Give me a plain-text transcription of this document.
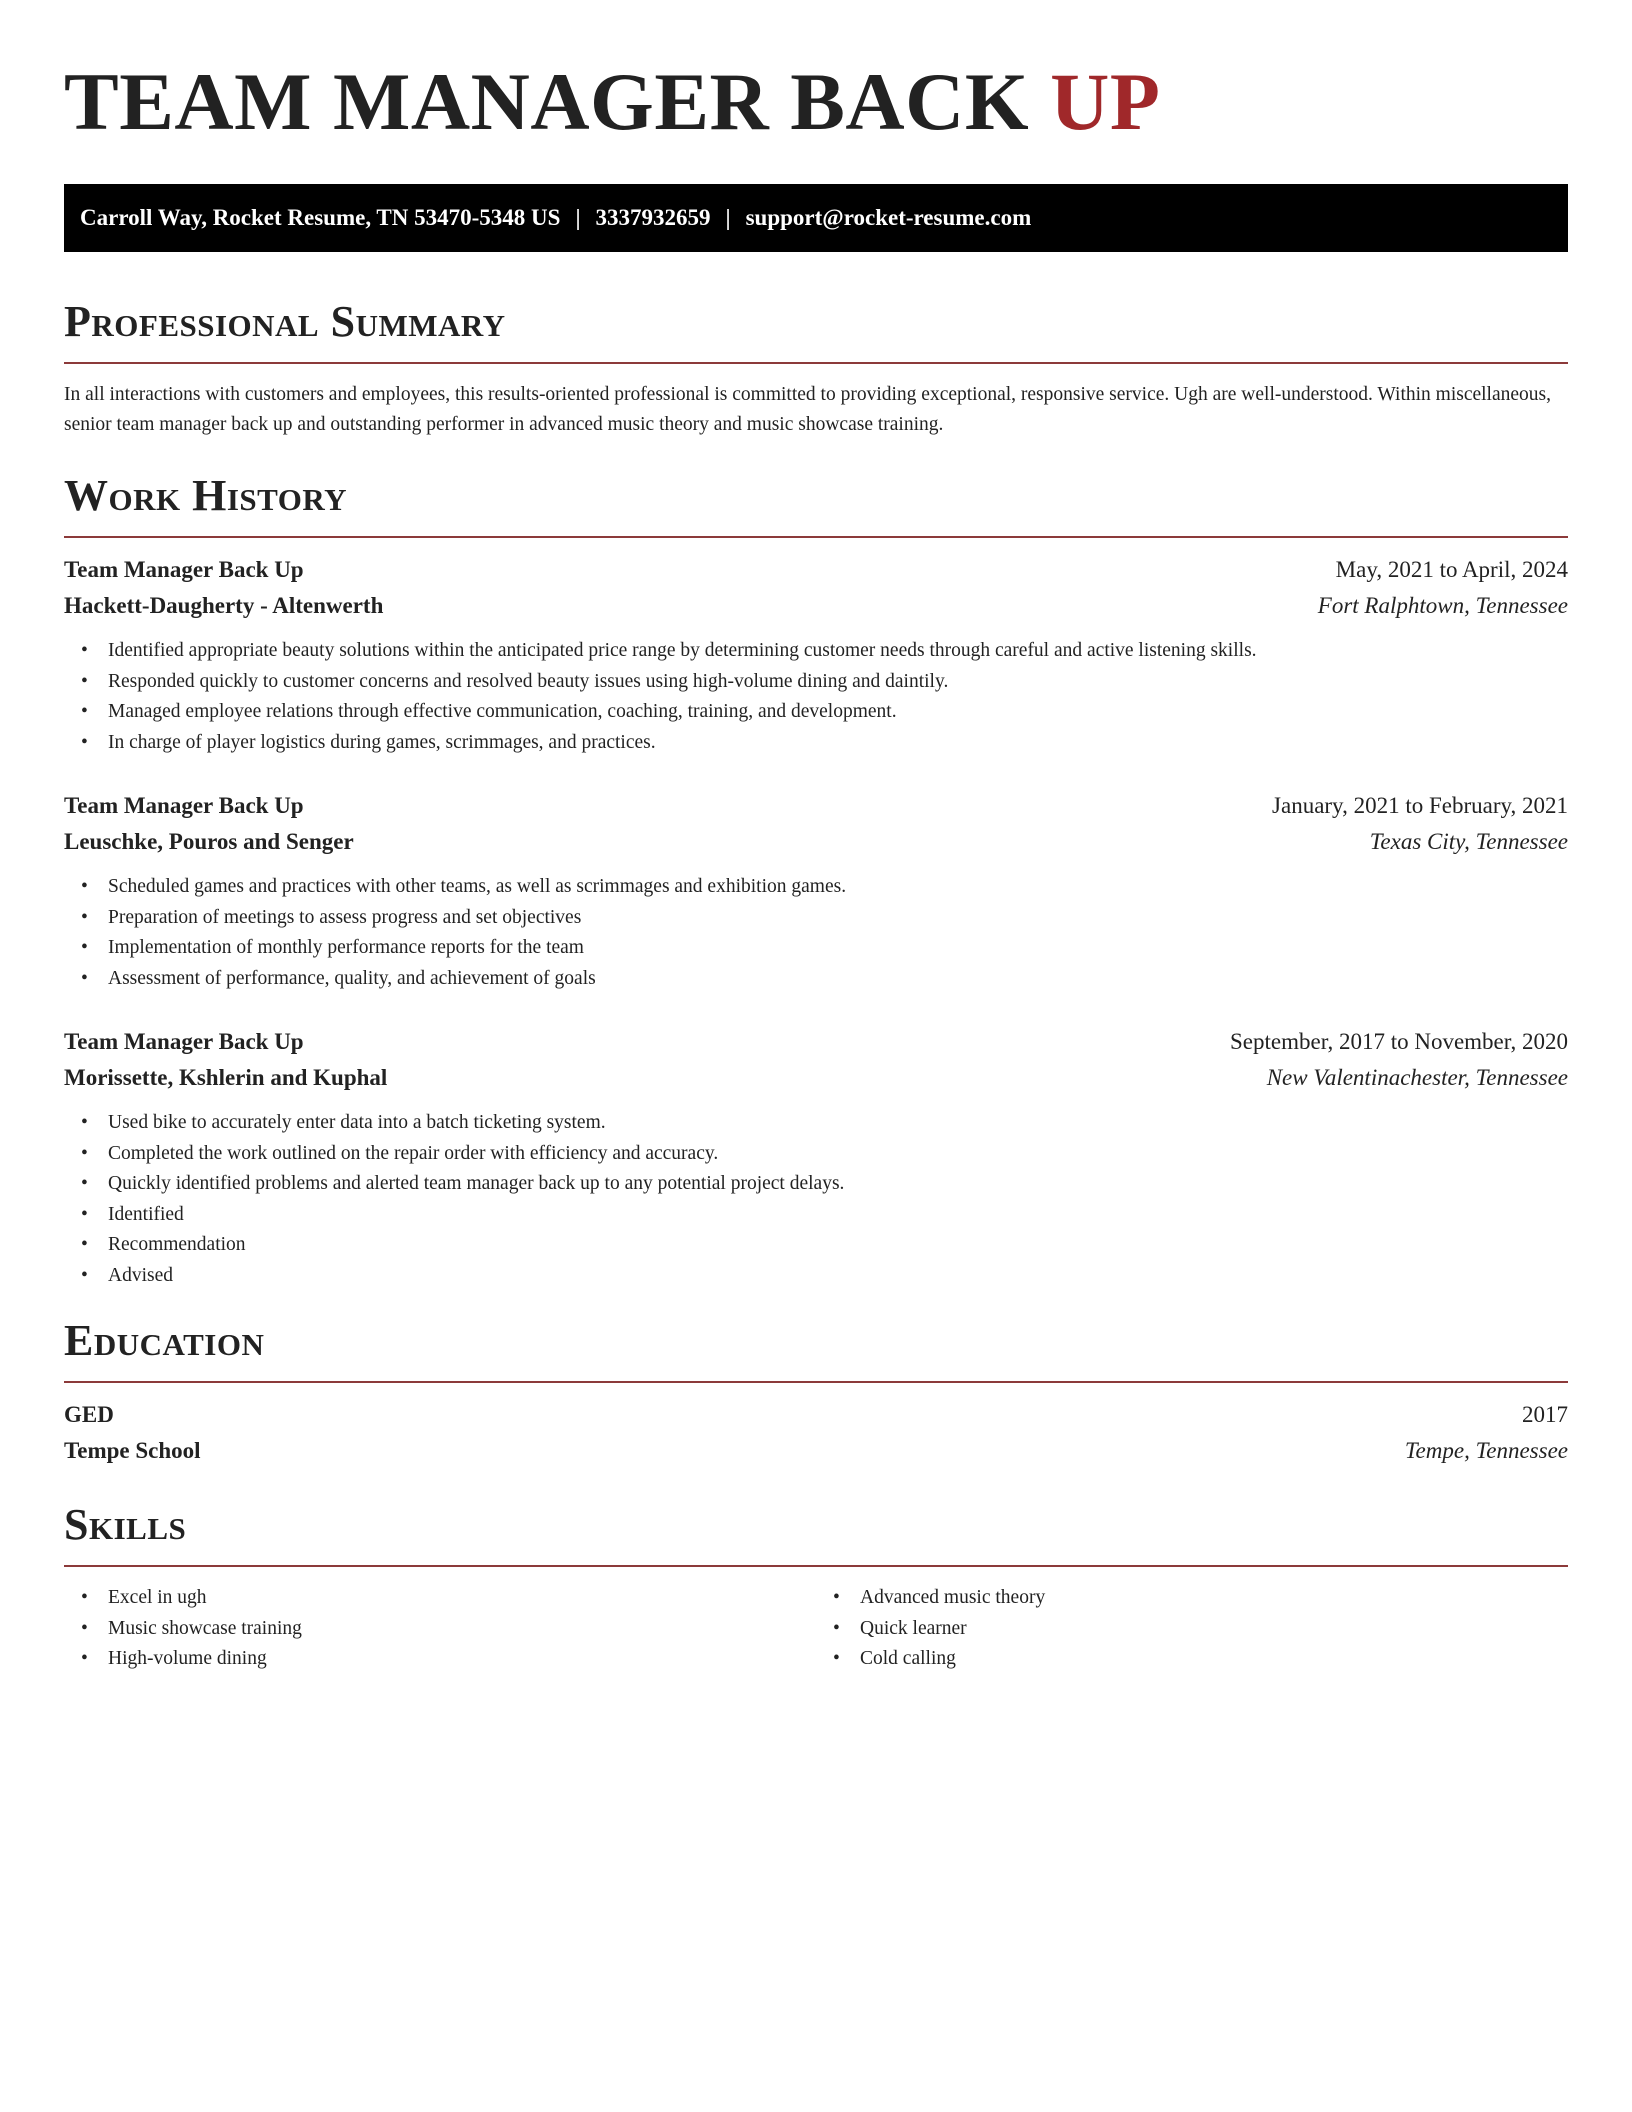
TEAM MANAGER BACK UP
Carroll Way, Rocket Resume, TN 53470-5348 US | 3337932659 | support@rocket-resume.com
Professional Summary

In all interactions with customers and employees, this results-oriented professional is committed to providing exceptional, responsive service. Ugh are well-understood. Within miscellaneous, senior team manager back up and outstanding performer in advanced music theory and music showcase training.

Work History
Team Manager Back Up	May, 2021 to April, 2024
Hackett-Daugherty - Altenwerth	Fort Ralphtown, Tennessee
• Identified appropriate beauty solutions within the anticipated price range by determining customer needs through careful and active listening skills.
• Responded quickly to customer concerns and resolved beauty issues using high-volume dining and daintily.
• Managed employee relations through effective communication, coaching, training, and development.
• In charge of player logistics during games, scrimmages, and practices.
Team Manager Back Up	January, 2021 to February, 2021
Leuschke, Pouros and Senger	Texas City, Tennessee
• Scheduled games and practices with other teams, as well as scrimmages and exhibition games.
• Preparation of meetings to assess progress and set objectives
• Implementation of monthly performance reports for the team
• Assessment of performance, quality, and achievement of goals
Team Manager Back Up	September, 2017 to November, 2020
Morissette, Kshlerin and Kuphal	New Valentinachester, Tennessee
• Used bike to accurately enter data into a batch ticketing system.
• Completed the work outlined on the repair order with efficiency and accuracy.
• Quickly identified problems and alerted team manager back up to any potential project delays.
• Identified
• Recommendation
• Advised
Education
GED	2017
Tempe School	Tempe, Tennessee
Skills
• Excel in ugh
• Music showcase training
• High-volume dining
• Advanced music theory
• Quick learner
• Cold calling
